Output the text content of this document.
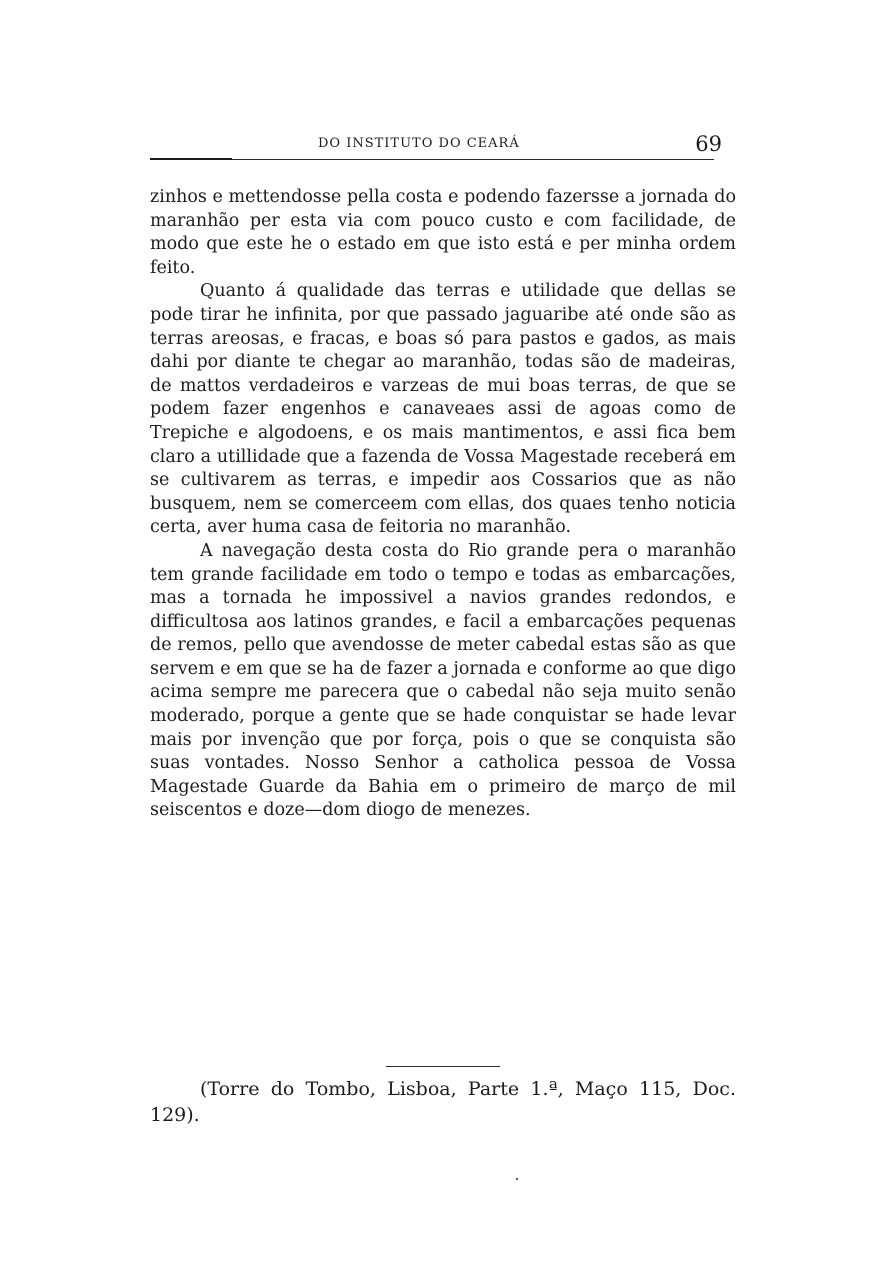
DO INSTITUTO DO CEARÁ	69

zinhos e mettendosse pella costa e podendo fazersse a jornada do maranhão per esta via com pouco custo e com facilidade, de modo que este he o estado em que isto está e per minha ordem feito.

Quanto á qualidade das terras e utilidade que dellas se pode tirar he infinita, por que passado jaguaribe até onde são as terras areosas, e fracas, e boas só para pastos e gados, as mais dahi por diante te chegar ao maranhão, todas são de madeiras, de mattos verdadeiros e varzeas de mui boas terras, de que se podem fazer engenhos e canaveaes assi de agoas como de Trepiche e algodoens, e os mais mantimentos, e assi fica bem claro a utillidade que a fazenda de Vossa Magestade receberá em se cultivarem as terras, e impedir aos Cossarios que as não busquem, nem se comerceem com ellas, dos quaes tenho noticia certa, aver huma casa de feitoria no maranhão.

A navegação desta costa do Rio grande pera o maranhão tem grande facilidade em todo o tempo e todas as embarcações, mas a tornada he impossivel a navios grandes redondos, e difficultosa aos latinos grandes, e facil a embarcações pequenas de remos, pello que avendosse de meter cabedal estas são as que servem e em que se ha de fazer a jornada e conforme ao que digo acima sempre me parecera que o cabedal não seja muito senão moderado, porque a gente que se hade conquistar se hade levar mais por invenção que por força, pois o que se conquista são suas vontades. Nosso Senhor a catholica pessoa de Vossa Magestade Guarde da Bahia em o primeiro de março de mil seiscentos e doze—dom diogo de menezes.

(Torre do Tombo, Lisboa, Parte 1.ª, Maço 115, Doc. 129).
